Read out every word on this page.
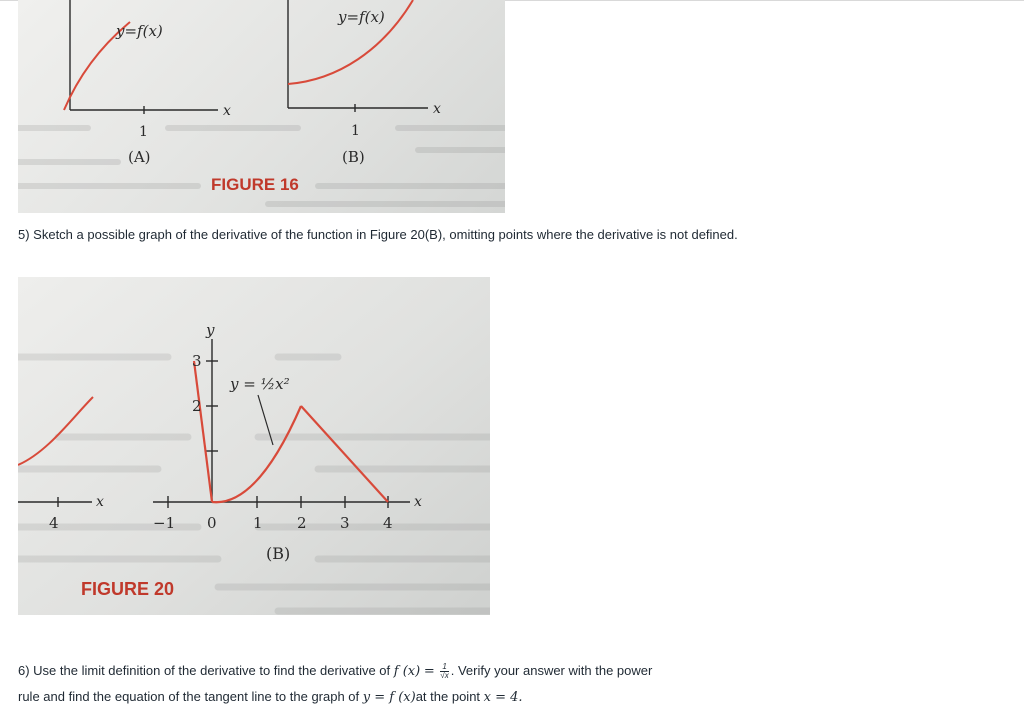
y=f(x)
x
1
(A)
y=f(x)
x
1
(B)
FIGURE 16

5) Sketch a possible graph of the derivative of the function in Figure 20(B), omitting points where the derivative is not defined.

x
4
y
3
2
y = ½x²
x
−1 0 1 2 3 4
(B)
FIGURE 20

6) Use the limit definition of the derivative to find the derivative of f $(x) = \frac{1}{√x}$ . Verify your answer with the power

rule and find the equation of the tangent line to the graph of y = f (x)at the point x = 4.
